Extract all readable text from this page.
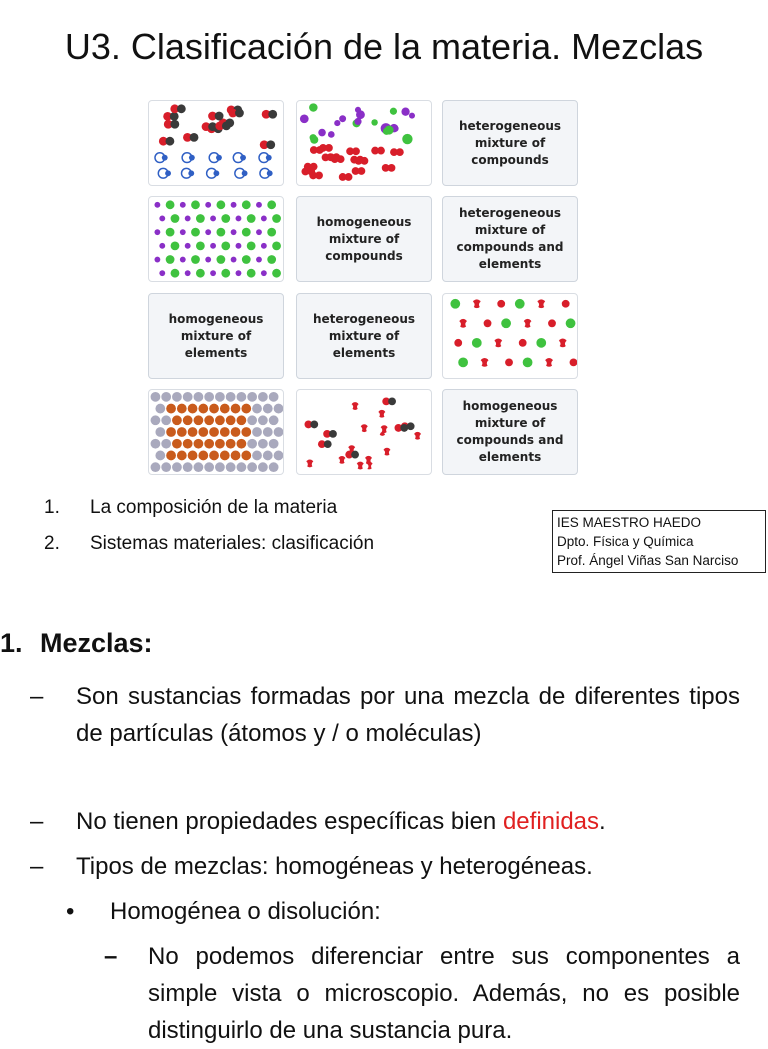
U3. Clasificación de la materia. Mezclas
heterogeneous mixture of compounds
homogeneous mixture of compounds
heterogeneous mixture of compounds and elements
homogeneous mixture of elements
heterogeneous mixture of elements
homogeneous mixture of compounds and elements
1. La composición de la materia
2. Sistemas materiales: clasificación
IES MAESTRO HAEDO
Dpto. Física y Química
Prof. Ángel Viñas San Narciso
1. Mezclas:
– Son sustancias formadas por una mezcla de diferentes tipos de partículas (átomos y / o moléculas)
– No tienen propiedades específicas bien definidas.
– Tipos de mezclas: homogéneas y heterogéneas.
• Homogénea o disolución:
– No podemos diferenciar entre sus componentes a simple vista o microscopio. Además, no es posible distinguirlo de una sustancia pura.
